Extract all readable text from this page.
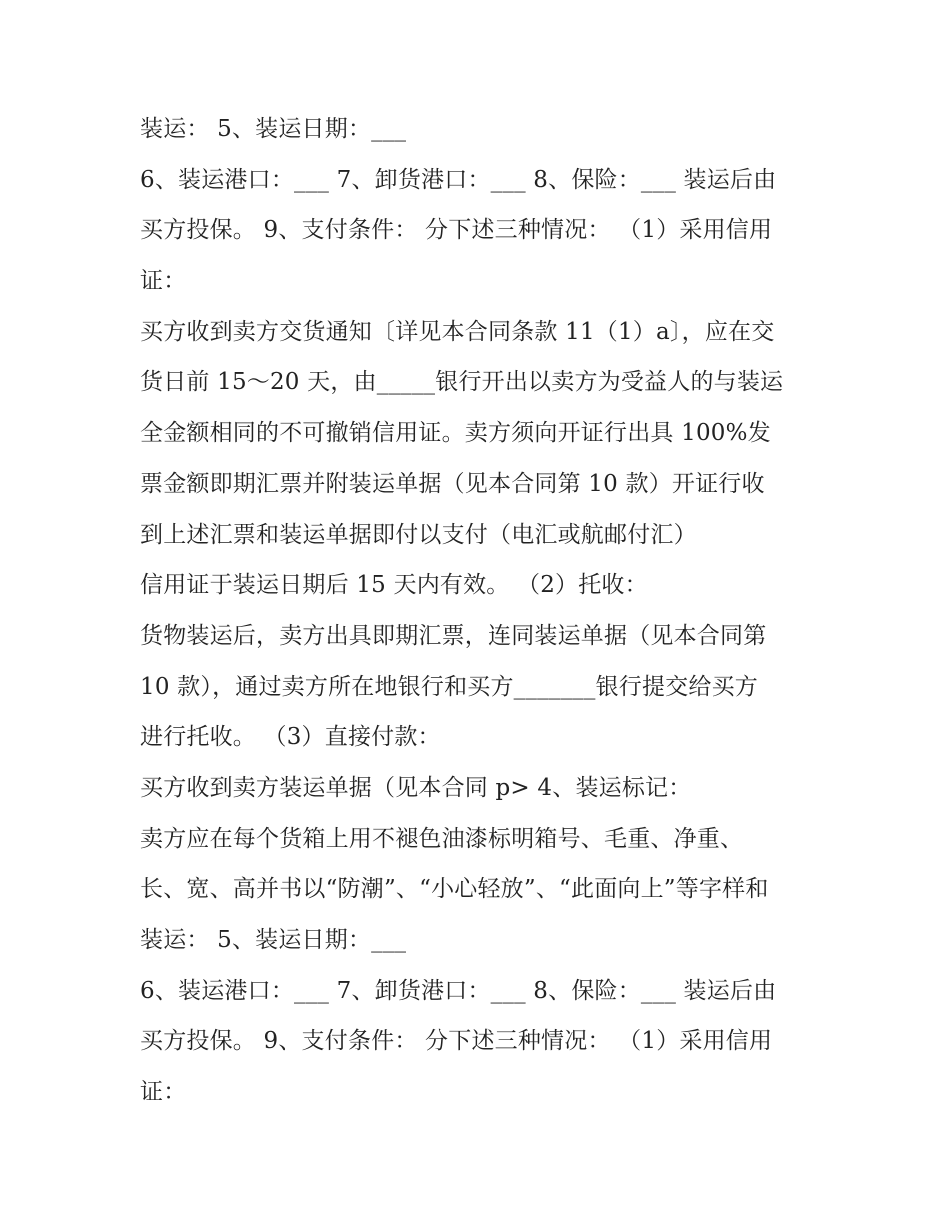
装运： 5、装运日期：___

6、装运港口：___ 7、卸货港口：___ 8、保险：___ 装运后由

买方投保。 9、支付条件： 分下述三种情况： （1）采用信用

证：

买方收到卖方交货通知〔详见本合同条款 11（1）a〕，应在交

货日前 15～20 天，由_____银行开出以卖方为受益人的与装运

全金额相同的不可撤销信用证。卖方须向开证行出具 100%发

票金额即期汇票并附装运单据（见本合同第 10 款）开证行收

到上述汇票和装运单据即付以支付（电汇或航邮付汇）

信用证于装运日期后 15 天内有效。 （2）托收：

货物装运后，卖方出具即期汇票，连同装运单据（见本合同第

10 款），通过卖方所在地银行和买方_______银行提交给买方

进行托收。 （3）直接付款：

买方收到卖方装运单据（见本合同 p> 4、装运标记：

卖方应在每个货箱上用不褪色油漆标明箱号、毛重、净重、

长、宽、高并书以“防潮”、“小心轻放”、“此面向上”等字样和

装运： 5、装运日期：___

6、装运港口：___ 7、卸货港口：___ 8、保险：___ 装运后由

买方投保。 9、支付条件： 分下述三种情况： （1）采用信用

证：
